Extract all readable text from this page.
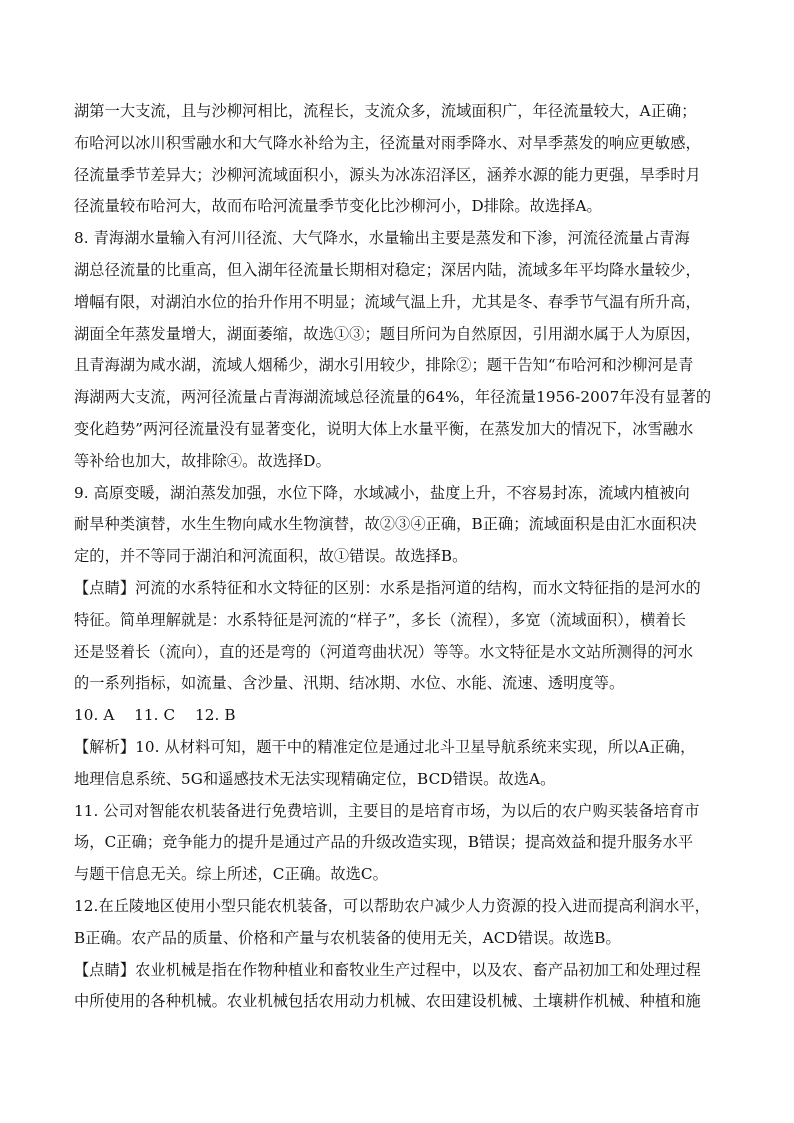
湖第一大支流，且与沙柳河相比，流程长，支流众多，流域面积广，年径流量较大，A正确；
布哈河以冰川积雪融水和大气降水补给为主，径流量对雨季降水、对旱季蒸发的响应更敏感，
径流量季节差异大；沙柳河流域面积小，源头为冰冻沼泽区，涵养水源的能力更强，旱季时月
径流量较布哈河大，故而布哈河流量季节变化比沙柳河小，D排除。故选择A。
8. 青海湖水量输入有河川径流、大气降水，水量输出主要是蒸发和下渗，河流径流量占青海
湖总径流量的比重高，但入湖年径流量长期相对稳定；深居内陆，流域多年平均降水量较少，
增幅有限，对湖泊水位的抬升作用不明显；流域气温上升，尤其是冬、春季节气温有所升高，
湖面全年蒸发量增大，湖面萎缩，故选①③；题目所问为自然原因，引用湖水属于人为原因，
且青海湖为咸水湖，流域人烟稀少，湖水引用较少，排除②；题干告知“布哈河和沙柳河是青
海湖两大支流，两河径流量占青海湖流域总径流量的64%，年径流量1956-2007年没有显著的
变化趋势”两河径流量没有显著变化，说明大体上水量平衡，在蒸发加大的情况下，冰雪融水
等补给也加大，故排除④。故选择D。
9. 高原变暖，湖泊蒸发加强，水位下降，水域减小，盐度上升，不容易封冻，流域内植被向
耐旱种类演替，水生生物向咸水生物演替，故②③④正确，B正确；流域面积是由汇水面积决
定的，并不等同于湖泊和河流面积，故①错误。故选择B。
【点睛】河流的水系特征和水文特征的区别：水系是指河道的结构，而水文特征指的是河水的
特征。简单理解就是：水系特征是河流的“样子”，多长（流程），多宽（流域面积），横着长
还是竖着长（流向），直的还是弯的（河道弯曲状况）等等。水文特征是水文站所测得的河水
的一系列指标，如流量、含沙量、汛期、结冰期、水位、水能、流速、透明度等。
10. A    11. C    12. B
【解析】10. 从材料可知，题干中的精准定位是通过北斗卫星导航系统来实现，所以A正确，
地理信息系统、5G和遥感技术无法实现精确定位，BCD错误。故选A。
11. 公司对智能农机装备进行免费培训，主要目的是培育市场，为以后的农户购买装备培育市
场，C正确；竞争能力的提升是通过产品的升级改造实现，B错误；提高效益和提升服务水平
与题干信息无关。综上所述，C正确。故选C。
12.在丘陵地区使用小型只能农机装备，可以帮助农户减少人力资源的投入进而提高利润水平，
B正确。农产品的质量、价格和产量与农机装备的使用无关，ACD错误。故选B。
【点睛】农业机械是指在作物种植业和畜牧业生产过程中，以及农、畜产品初加工和处理过程
中所使用的各种机械。农业机械包括农用动力机械、农田建设机械、土壤耕作机械、种植和施
